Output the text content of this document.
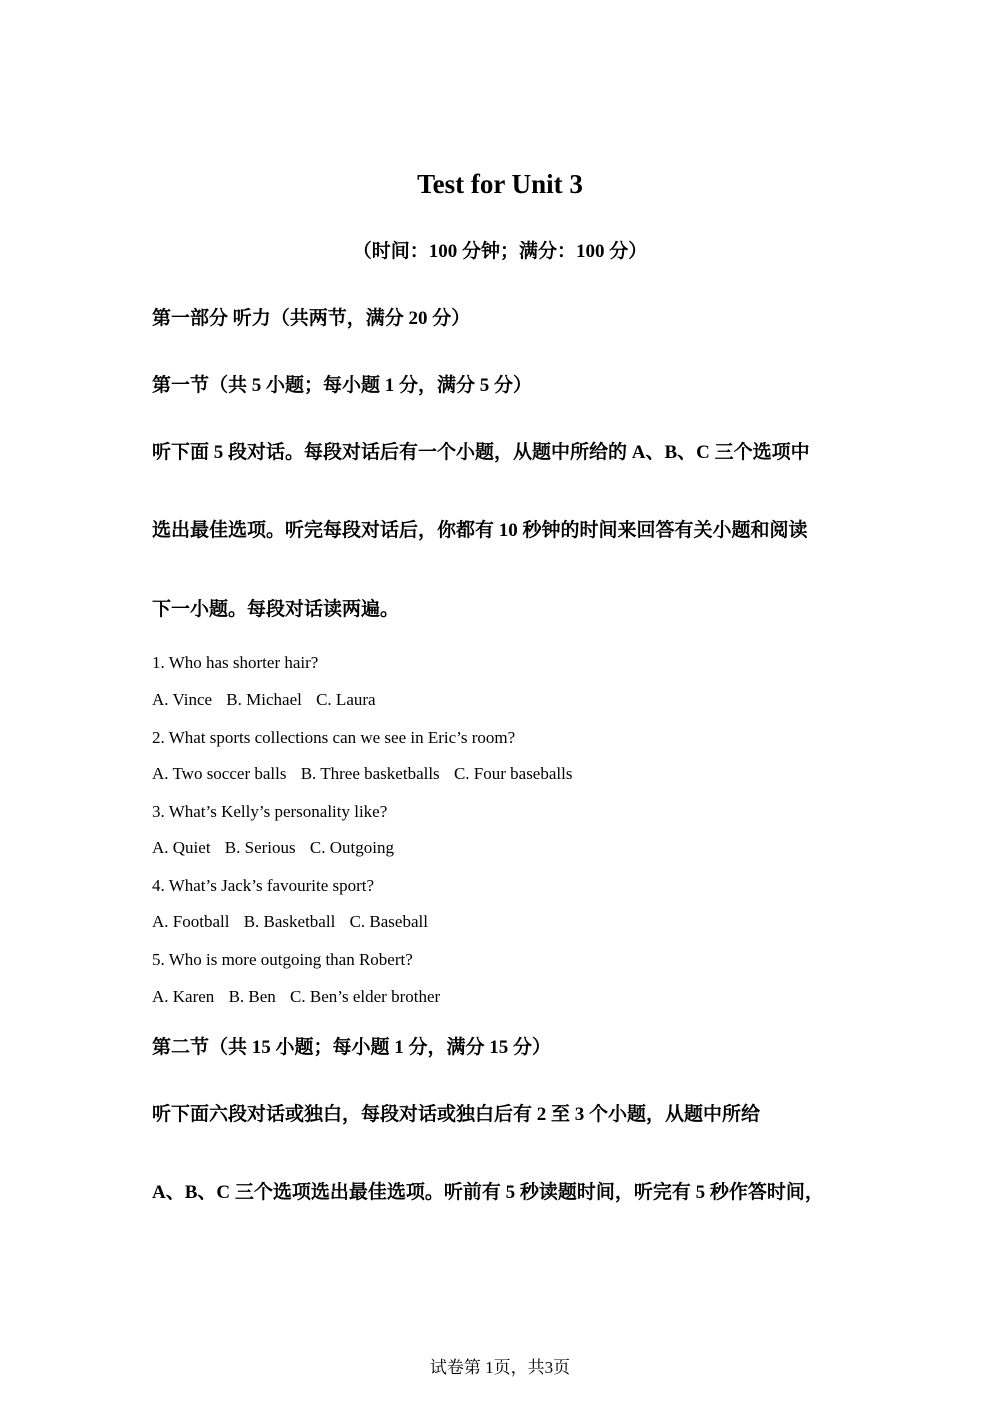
Test for Unit 3
（时间：100 分钟；满分：100 分）
第一部分 听力（共两节，满分 20 分）
第一节（共 5 小题；每小题 1 分，满分 5 分）
听下面 5 段对话。每段对话后有一个小题，从题中所给的 A、B、C 三个选项中
选出最佳选项。听完每段对话后，你都有 10 秒钟的时间来回答有关小题和阅读
下一小题。每段对话读两遍。
1. Who has shorter hair?
A. Vince B. Michael C. Laura
2. What sports collections can we see in Eric’s room?
A. Two soccer balls B. Three basketballs C. Four baseballs
3. What’s Kelly’s personality like?
A. Quiet B. Serious C. Outgoing
4. What’s Jack’s favourite sport?
A. Football B. Basketball C. Baseball
5. Who is more outgoing than Robert?
A. Karen B. Ben C. Ben’s elder brother
第二节（共 15 小题；每小题 1 分，满分 15 分）
听下面六段对话或独白，每段对话或独白后有 2 至 3 个小题，从题中所给
A、B、C 三个选项选出最佳选项。听前有 5 秒读题时间，听完有 5 秒作答时间，
试卷第 1页，共3页
